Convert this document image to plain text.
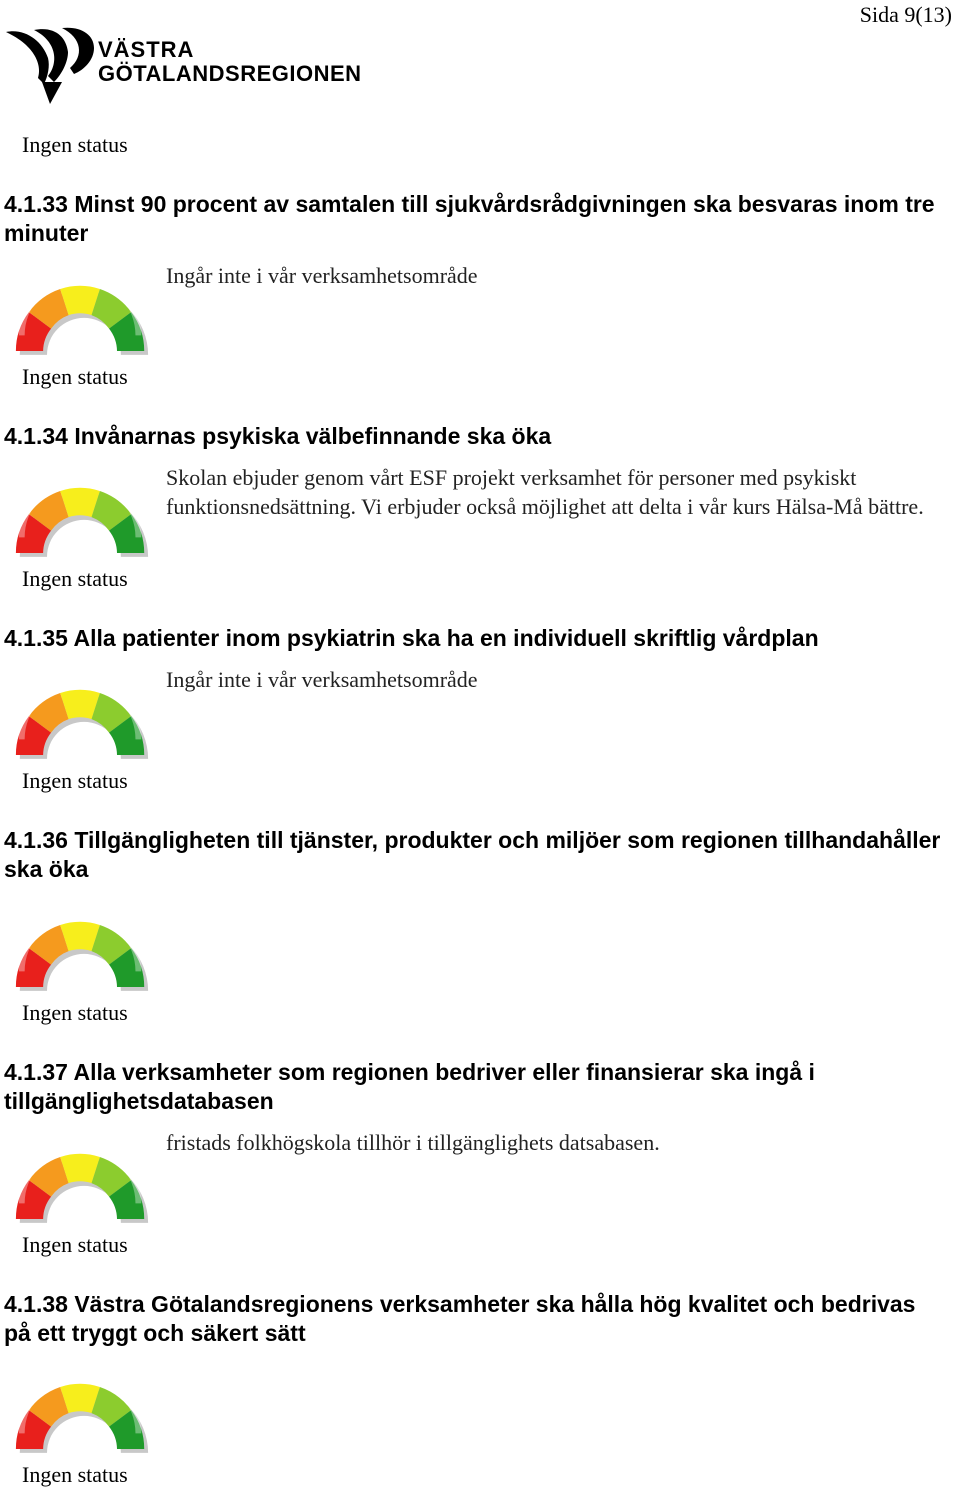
Sida 9(13)
VÄSTRA
GÖTALANDSREGIONEN
Ingen status
4.1.33 Minst 90 procent av samtalen till sjukvårdsrådgivningen ska besvaras inom tre minuter
Ingår inte i vår verksamhetsområde
Ingen status
4.1.34 Invånarnas psykiska välbefinnande ska öka
Skolan ebjuder genom vårt ESF projekt verksamhet för personer med psykiskt funktionsnedsättning. Vi erbjuder också möjlighet att delta i vår kurs Hälsa-Må bättre.
Ingen status
4.1.35 Alla patienter inom psykiatrin ska ha en individuell skriftlig vårdplan
Ingår inte i vår verksamhetsområde
Ingen status
4.1.36 Tillgängligheten till tjänster, produkter och miljöer som regionen tillhandahåller ska öka
Ingen status
4.1.37 Alla verksamheter som regionen bedriver eller finansierar ska ingå i tillgänglighetsdatabasen
fristads folkhögskola tillhör i tillgänglighets datsabasen.
Ingen status
4.1.38 Västra Götalandsregionens verksamheter ska hålla hög kvalitet och bedrivas på ett tryggt och säkert sätt
Ingen status
